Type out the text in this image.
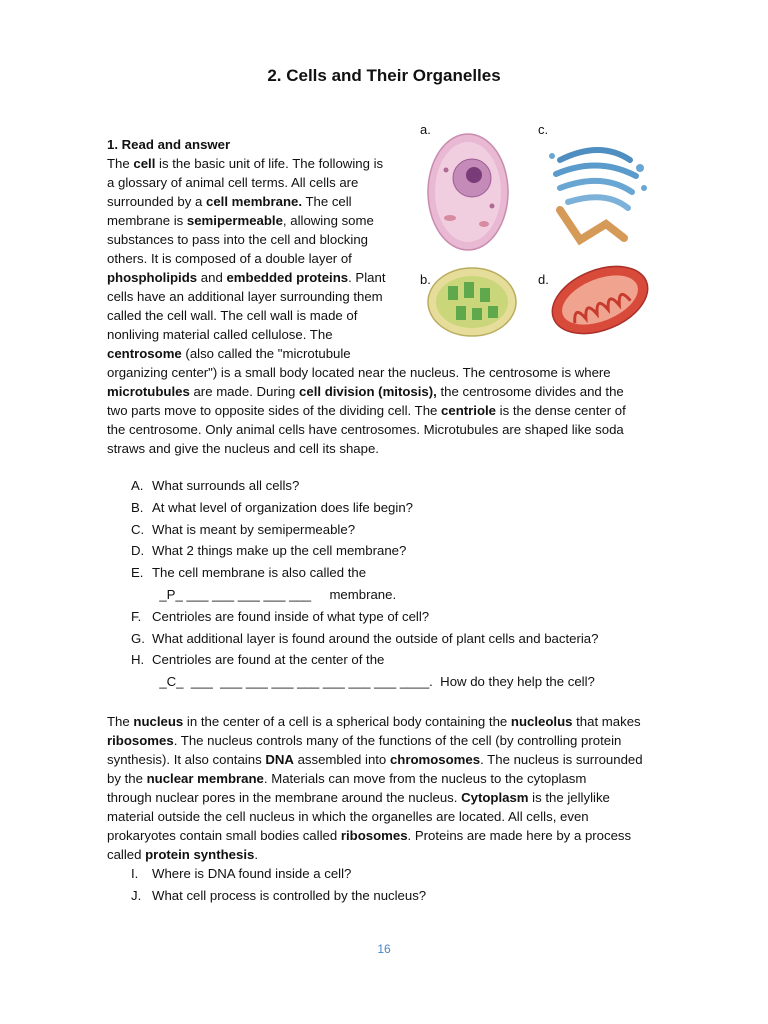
2. Cells and Their Organelles
a.	c.
b.	d.

1. Read and answer

The cell is the basic unit of life. The following is
a glossary of animal cell terms. All cells are
surrounded by a cell membrane. The cell
membrane is semipermeable, allowing some
substances to pass into the cell and blocking
others. It is composed of a double layer of
phospholipids and embedded proteins. Plant
cells have an additional layer surrounding them
called the cell wall. The cell wall is made of
nonliving material called cellulose. The
centrosome (also called the "microtubule

organizing center") is a small body located near the nucleus. The centrosome is where
microtubules are made. During cell division (mitosis), the centrosome divides and the
two parts move to opposite sides of the dividing cell. The centriole is the dense center of
the centrosome. Only animal cells have centrosomes. Microtubules are shaped like soda
straws and give the nucleus and cell its shape.

A. What surrounds all cells?
B. At what level of organization does life begin?
C. What is meant by semipermeable?
D. What 2 things make up the cell membrane?
E. The cell membrane is also called the
_P_ ___ ___ ___ ___ ___     membrane.
F. Centrioles are found inside of what type of cell?
G. What additional layer is found around the outside of plant cells and bacteria?
H. Centrioles are found at the center of the
_C_  ___  ___ ___ ___ ___ ___ ___ ___ ____.  How do they help the cell?

The nucleus in the center of a cell is a spherical body containing the nucleolus that makes
ribosomes. The nucleus controls many of the functions of the cell (by controlling protein
synthesis). It also contains DNA assembled into chromosomes. The nucleus is surrounded
by the nuclear membrane. Materials can move from the nucleus to the cytoplasm
through nuclear pores in the membrane around the nucleus. Cytoplasm is the jellylike
material outside the cell nucleus in which the organelles are located. All cells, even
prokaryotes contain small bodies called ribosomes. Proteins are made here by a process
called protein synthesis.

I. Where is DNA found inside a cell?
J. What cell process is controlled by the nucleus?
16
